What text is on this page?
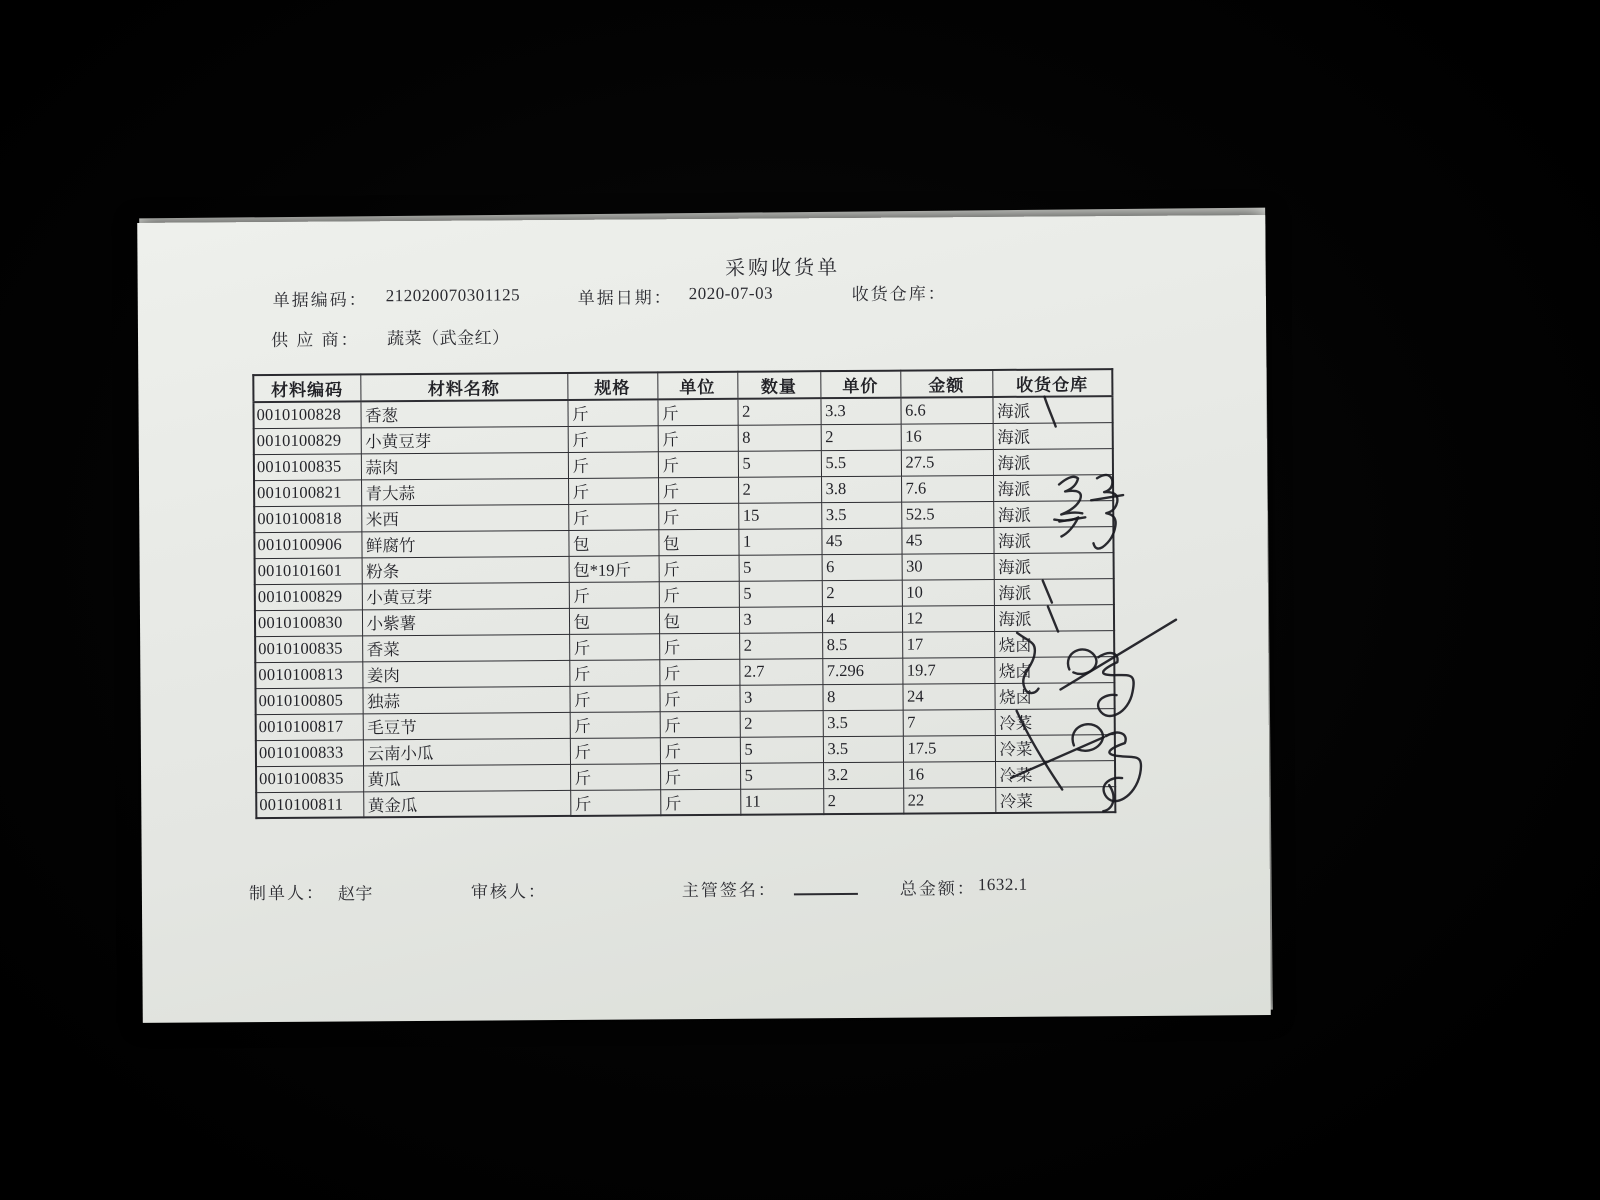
采购收货单
单据编码： 212020070301125	单据日期： 2020-07-03	收货仓库：
供 应 商： 蔬菜（武金红）
材料编码	材料名称	规格	单位	数量	单价	金额	收货仓库
0010100828	香葱	斤	斤	2	3.3	6.6	海派
0010100829	小黄豆芽	斤	斤	8	2	16	海派
0010100835	蒜肉	斤	斤	5	5.5	27.5	海派
0010100821	青大蒜	斤	斤	2	3.8	7.6	海派
0010100818	米西	斤	斤	15	3.5	52.5	海派
0010100906	鲜腐竹	包	包	1	45	45	海派
0010101601	粉条	包*19斤	斤	5	6	30	海派
0010100829	小黄豆芽	斤	斤	5	2	10	海派
0010100830	小紫薯	包	包	3	4	12	海派
0010100835	香菜	斤	斤	2	8.5	17	烧卤
0010100813	姜肉	斤	斤	2.7	7.296	19.7	烧卤
0010100805	独蒜	斤	斤	3	8	24	烧卤
0010100817	毛豆节	斤	斤	2	3.5	7	冷菜
0010100833	云南小瓜	斤	斤	5	3.5	17.5	冷菜
0010100835	黄瓜	斤	斤	5	3.2	16	冷菜
0010100811	黄金瓜	斤	斤	11	2	22	冷菜
制单人： 赵宇	审核人：	主管签名：	总金额： 1632.1
